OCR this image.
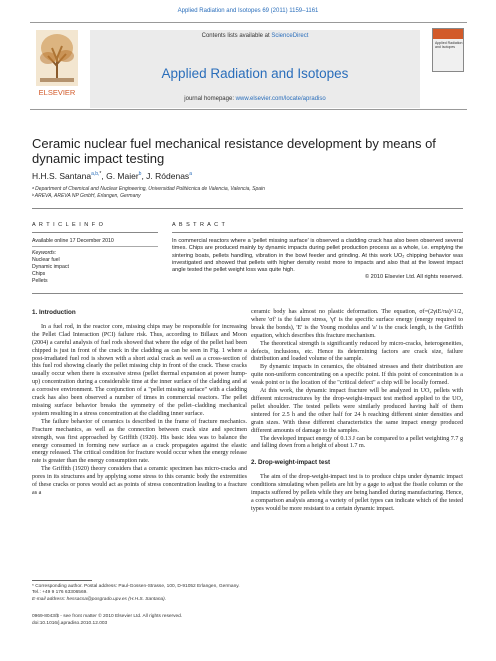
Applied Radiation and Isotopes 69 (2011) 1159–1161
ELSEVIER
Contents lists available at ScienceDirect
Applied Radiation and Isotopes
journal homepage: www.elsevier.com/locate/apradiso
Applied Radiation and Isotopes
Ceramic nuclear fuel mechanical resistance development by means of dynamic impact testing
H.H.S. Santana$^{a,b,*}$, G. Maier$^b$, J. Ródenas$^a$
ᵃ Department of Chemical and Nuclear Engineering, Universidad Politécnica de Valencia, Valencia, Spain
ᵇ AREVA, AREVA NP GmbH, Erlangen, Germany
A R T I C L E I N F O	A B S T R A C T
Available online 17 December 2010
Keywords:
Nuclear fuel
Dynamic impact
Chips
Pellets
In commercial reactors where a 'pellet missing surface' is observed a cladding crack has also been observed several times. Chips are produced mainly by dynamic impacts during pellet production process as a whole, i.e. emptying the sintering boats, pellets handling, vibration in the bowl feeder and grinding. At this work UO₂ chipping behavior was investigated and showed that pellets with higher density resist more to impacts and also that at the lowest impact angle tested the pellet weight loss was quite high.
© 2010 Elsevier Ltd. All rights reserved.
1. Introduction

In a fuel rod, in the reactor core, missing chips may be responsible for increasing the Pellet Clad Interaction (PCI) failure risk. Thus, according to Billaux and Moon (2004) a careful analysis of fuel rods showed that where the edge of the pellet had been chipped is just in front of the crack in the cladding as can be seen in Fig. 1 where a post-irradiated fuel rod is shown with a short axial crack as well as a cross-section of this fuel rod showing clearly the pellet missing chip in front of the crack. These cracks usually occur when there is excessive stress (pellet thermal expansion at power hump-up) concentration during a considerable time at the inner surface of the cladding and at a corrosive environment. The conjunction of a "pellet missing surface" with a cladding crack has also been observed a number of times in commercial reactors. The pellet missing surface behavior breaks the symmetry of the pellet–cladding mechanical system resulting in a stress concentration at the cladding inner surface.

The failure behavior of ceramics is described in the frame of fracture mechanics. Fracture mechanics, as well as the connection between crack size and specimen strength, was first approached by Griffith (1920). His basic idea was to balance the energy consumed in forming new surface as a crack propagates against the elastic energy released. The critical condition for fracture would occur when the energy release rate is greater than the energy consumption rate.

The Griffith (1920) theory considers that a ceramic specimen has micro-cracks and pores in its structures and by applying some stress to this ceramic body the extremities of these cracks or pores would act as points of stress concentration leading to a fracture as a

* Corresponding author. Postal address: Paul-Gossen-Strasse, 100, D-91052 Erlangen, Germany. Tel.: +49 9 176 63306569.
E-mail address: hessacsa@posgrado.upv.es (H.H.S. Santana).
0969-8043/$ - see front matter © 2010 Elsevier Ltd. All rights reserved.
doi:10.1016/j.apradiso.2010.12.003

ceramic body has almost no plastic deformation. The equation, σf=(2γiE/πa)^1/2, where 'σf' is the failure stress, 'γi' is the specific surface energy (energy required to break the bonds), 'E' is the Young modulus and 'a' is the crack length, is the Griffith equation, which describes this fracture mechanism.

The theoretical strength is significantly reduced by micro-cracks, heterogeneities, defects, inclusions, etc. Hence its determining factors are crack size, failure distribution and loaded volume of the sample.

By dynamic impacts in ceramics, the obtained stresses and their distribution are quite non-uniform concentrating on a specific point. If this point of concentration is a weak point or is the location of the "critical defect" a chip will be locally formed.

At this work, the dynamic impact fracture will be analyzed in UO₂ pellets with different microstructures by the drop-weight-impact test method applied to the UO₂ pellet shoulder. The tested pellets were similarly produced having half of them sintered for 2.5 h and the other half for 24 h reaching different sinter densities and grain sizes. With these different characteristics the same impact energy produced different amounts of damage to the samples.

The developed impact energy of 0.13 J can be compared to a pellet weighting 7.7 g and falling down from a height of about 1.7 m.

2. Drop-weight-impact test

The aim of the drop-weight-impact test is to produce chips under dynamic impact conditions simulating when pellets are hit by a gage to adjust the fissile column or the impacts suffered by pellets while they are being handled during manufacturing. Hence, a comparison analysis among a variety of pellet types can indicate which of the tested types would be more resistant to a certain dynamic impact.
